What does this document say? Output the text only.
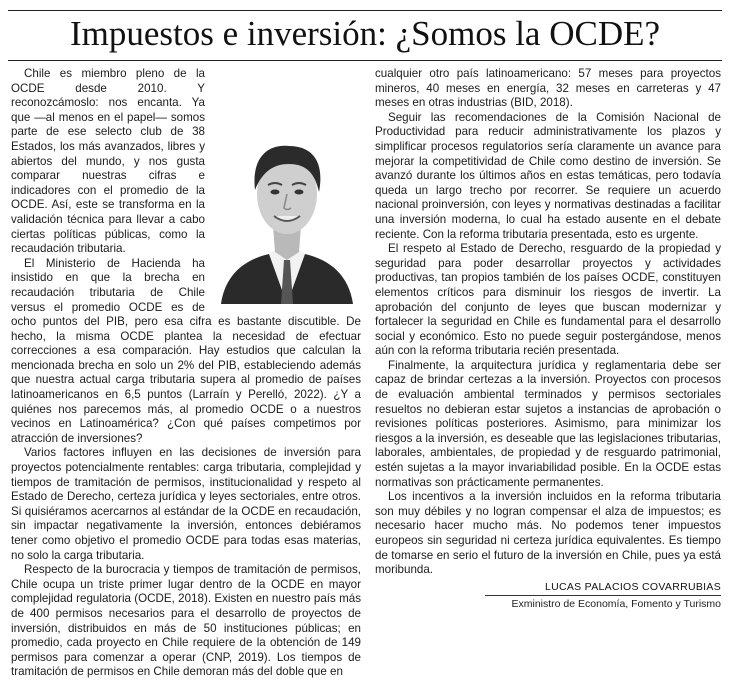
Impuestos e inversión: ¿Somos la OCDE?

Chile es miembro pleno de la OCDE desde 2010. Y reconozcámoslo: nos encanta. Ya que —al menos en el papel— somos parte de ese selecto club de 38 Estados, los más avanzados, libres y abiertos del mundo, y nos gusta comparar nuestras cifras e indicadores con el promedio de la OCDE. Así, este se transforma en la validación técnica para llevar a cabo ciertas políticas públicas, como la recaudación tributaria.

El Ministerio de Hacienda ha insistido en que la brecha en recaudación tributaria de Chile versus el promedio OCDE es de ocho puntos del PIB, pero esa cifra es bastante discutible. De hecho, la misma OCDE plantea la necesidad de efectuar correcciones a esa comparación. Hay estudios que calculan la mencionada brecha en solo un 2% del PIB, estableciendo además que nuestra actual carga tributaria supera al promedio de países latinoamericanos en 6,5 puntos (Larraín y Perelló, 2022). ¿Y a quiénes nos parecemos más, al promedio OCDE o a nuestros vecinos en Latinoamérica? ¿Con qué países competimos por atracción de inversiones?

Varios factores influyen en las decisiones de inversión para proyectos potencialmente rentables: carga tributaria, complejidad y tiempos de tramitación de permisos, institucionalidad y respeto al Estado de Derecho, certeza jurídica y leyes sectoriales, entre otros. Si quisiéramos acercarnos al estándar de la OCDE en recaudación, sin impactar negativamente la inversión, entonces debiéramos tener como objetivo el promedio OCDE para todas esas materias, no solo la carga tributaria.

Respecto de la burocracia y tiempos de tramitación de permisos, Chile ocupa un triste primer lugar dentro de la OCDE en mayor complejidad regulatoria (OCDE, 2018). Existen en nuestro país más de 400 permisos necesarios para el desarrollo de proyectos de inversión, distribuidos en más de 50 instituciones públicas; en promedio, cada proyecto en Chile requiere de la obtención de 149 permisos para comenzar a operar (CNP, 2019). Los tiempos de tramitación de permisos en Chile demoran más del doble que en

cualquier otro país latinoamericano: 57 meses para proyectos mineros, 40 meses en energía, 32 meses en carreteras y 47 meses en otras industrias (BID, 2018).

Seguir las recomendaciones de la Comisión Nacional de Productividad para reducir administrativamente los plazos y simplificar procesos regulatorios sería claramente un avance para mejorar la competitividad de Chile como destino de inversión. Se avanzó durante los últimos años en estas temáticas, pero todavía queda un largo trecho por recorrer. Se requiere un acuerdo nacional proinversión, con leyes y normativas destinadas a facilitar una inversión moderna, lo cual ha estado ausente en el debate reciente. Con la reforma tributaria presentada, esto es urgente.

El respeto al Estado de Derecho, resguardo de la propiedad y seguridad para poder desarrollar proyectos y actividades productivas, tan propios también de los países OCDE, constituyen elementos críticos para disminuir los riesgos de invertir. La aprobación del conjunto de leyes que buscan modernizar y fortalecer la seguridad en Chile es fundamental para el desarrollo social y económico. Esto no puede seguir postergándose, menos aún con la reforma tributaria recién presentada.

Finalmente, la arquitectura jurídica y reglamentaria debe ser capaz de brindar certezas a la inversión. Proyectos con procesos de evaluación ambiental terminados y permisos sectoriales resueltos no debieran estar sujetos a instancias de aprobación o revisiones políticas posteriores. Asimismo, para minimizar los riesgos a la inversión, es deseable que las legislaciones tributarias, laborales, ambientales, de propiedad y de resguardo patrimonial, estén sujetas a la mayor invariabilidad posible. En la OCDE estas normativas son prácticamente permanentes.

Los incentivos a la inversión incluidos en la reforma tributaria son muy débiles y no logran compensar el alza de impuestos; es necesario hacer mucho más. No podemos tener impuestos europeos sin seguridad ni certeza jurídica equivalentes. Es tiempo de tomarse en serio el futuro de la inversión en Chile, pues ya está moribunda.

LUCAS PALACIOS COVARRUBIAS
Exministro de Economía, Fomento y Turismo
